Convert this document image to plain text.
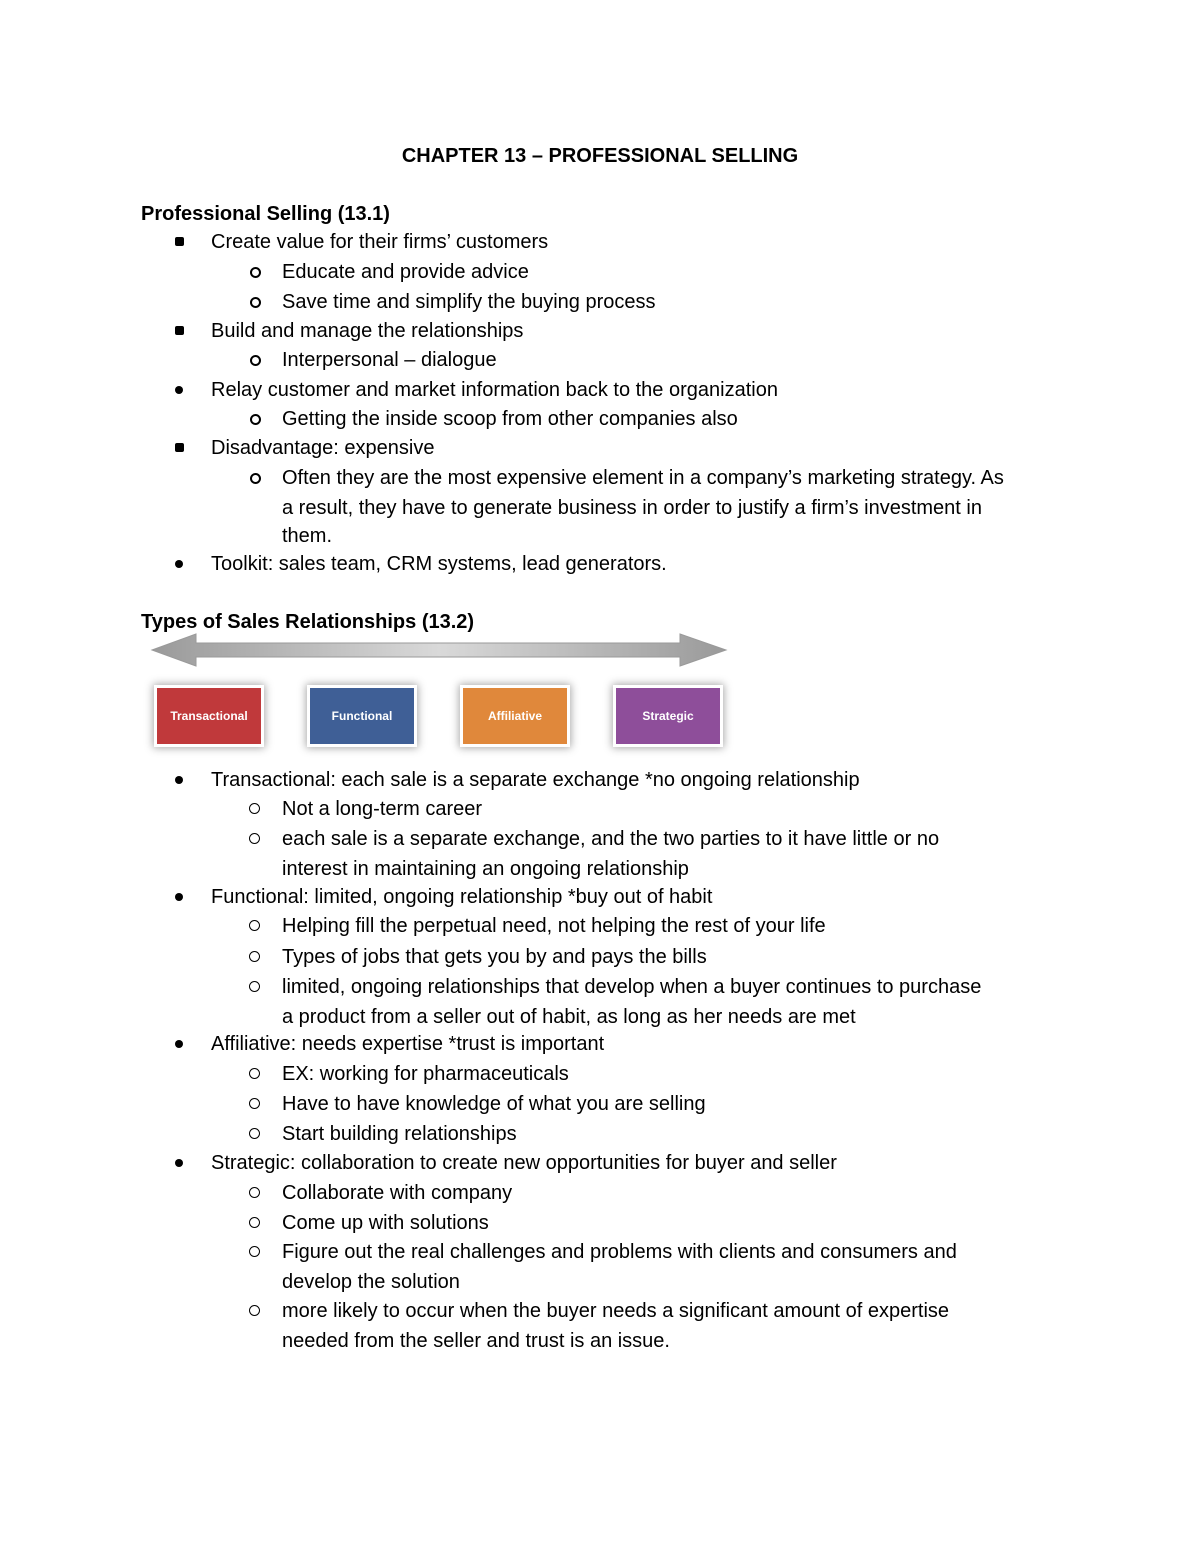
CHAPTER 13 – PROFESSIONAL SELLING
Professional Selling (13.1)
Create value for their firms’ customers
Educate and provide advice
Save time and simplify the buying process
Build and manage the relationships
Interpersonal – dialogue
Relay customer and market information back to the organization
Getting the inside scoop from other companies also
Disadvantage: expensive
Often they are the most expensive element in a company’s marketing strategy. As
a result, they have to generate business in order to justify a firm’s investment in
them.
Toolkit: sales team, CRM systems, lead generators.
Types of Sales Relationships (13.2)
Transactional	Functional	Affiliative	Strategic
Transactional: each sale is a separate exchange *no ongoing relationship
Not a long-term career
each sale is a separate exchange, and the two parties to it have little or no
interest in maintaining an ongoing relationship
Functional: limited, ongoing relationship *buy out of habit
Helping fill the perpetual need, not helping the rest of your life
Types of jobs that gets you by and pays the bills
limited, ongoing relationships that develop when a buyer continues to purchase
a product from a seller out of habit, as long as her needs are met
Affiliative: needs expertise *trust is important
EX: working for pharmaceuticals
Have to have knowledge of what you are selling
Start building relationships
Strategic: collaboration to create new opportunities for buyer and seller
Collaborate with company
Come up with solutions
Figure out the real challenges and problems with clients and consumers and
develop the solution
more likely to occur when the buyer needs a significant amount of expertise
needed from the seller and trust is an issue.
